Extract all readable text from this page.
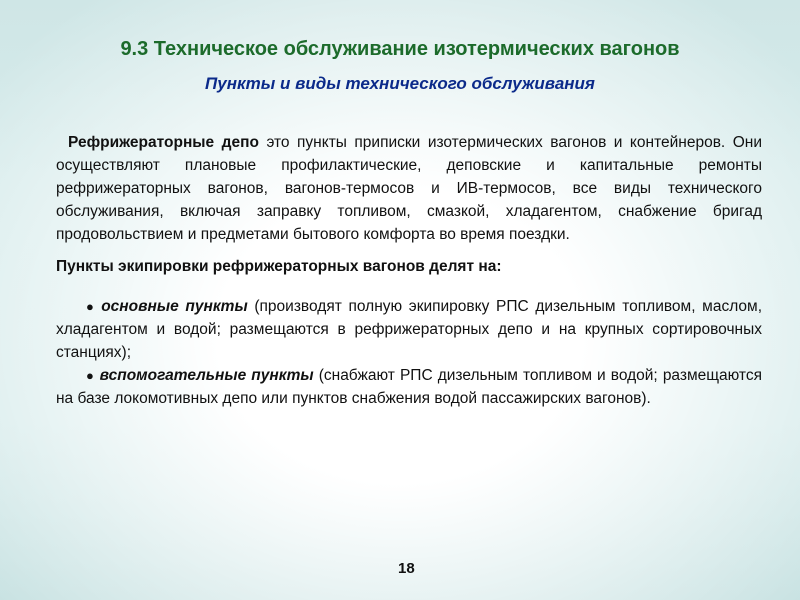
9.3 Техническое обслуживание изотермических вагонов
Пункты и виды технического обслуживания

Рефрижераторные депо это пункты приписки изотермических вагонов и контейнеров. Они осуществляют плановые профилактические, деповские и капитальные ремонты рефрижераторных вагонов, вагонов-термосов и ИВ-термосов, все виды технического обслуживания, включая заправку топливом, смазкой, хладагентом, снабжение бригад продовольствием и предметами бытового комфорта во время поездки.

Пункты экипировки рефрижераторных вагонов делят на:

● основные пункты (производят полную экипировку РПС дизельным топливом, маслом, хладагентом и водой; размещаются в рефрижераторных депо и на крупных сортировочных станциях);

● вспомогательные пункты (снабжают РПС дизельным топливом и водой; размещаются на базе локомотивных депо или пунктов снабжения водой пассажирских вагонов).

18
